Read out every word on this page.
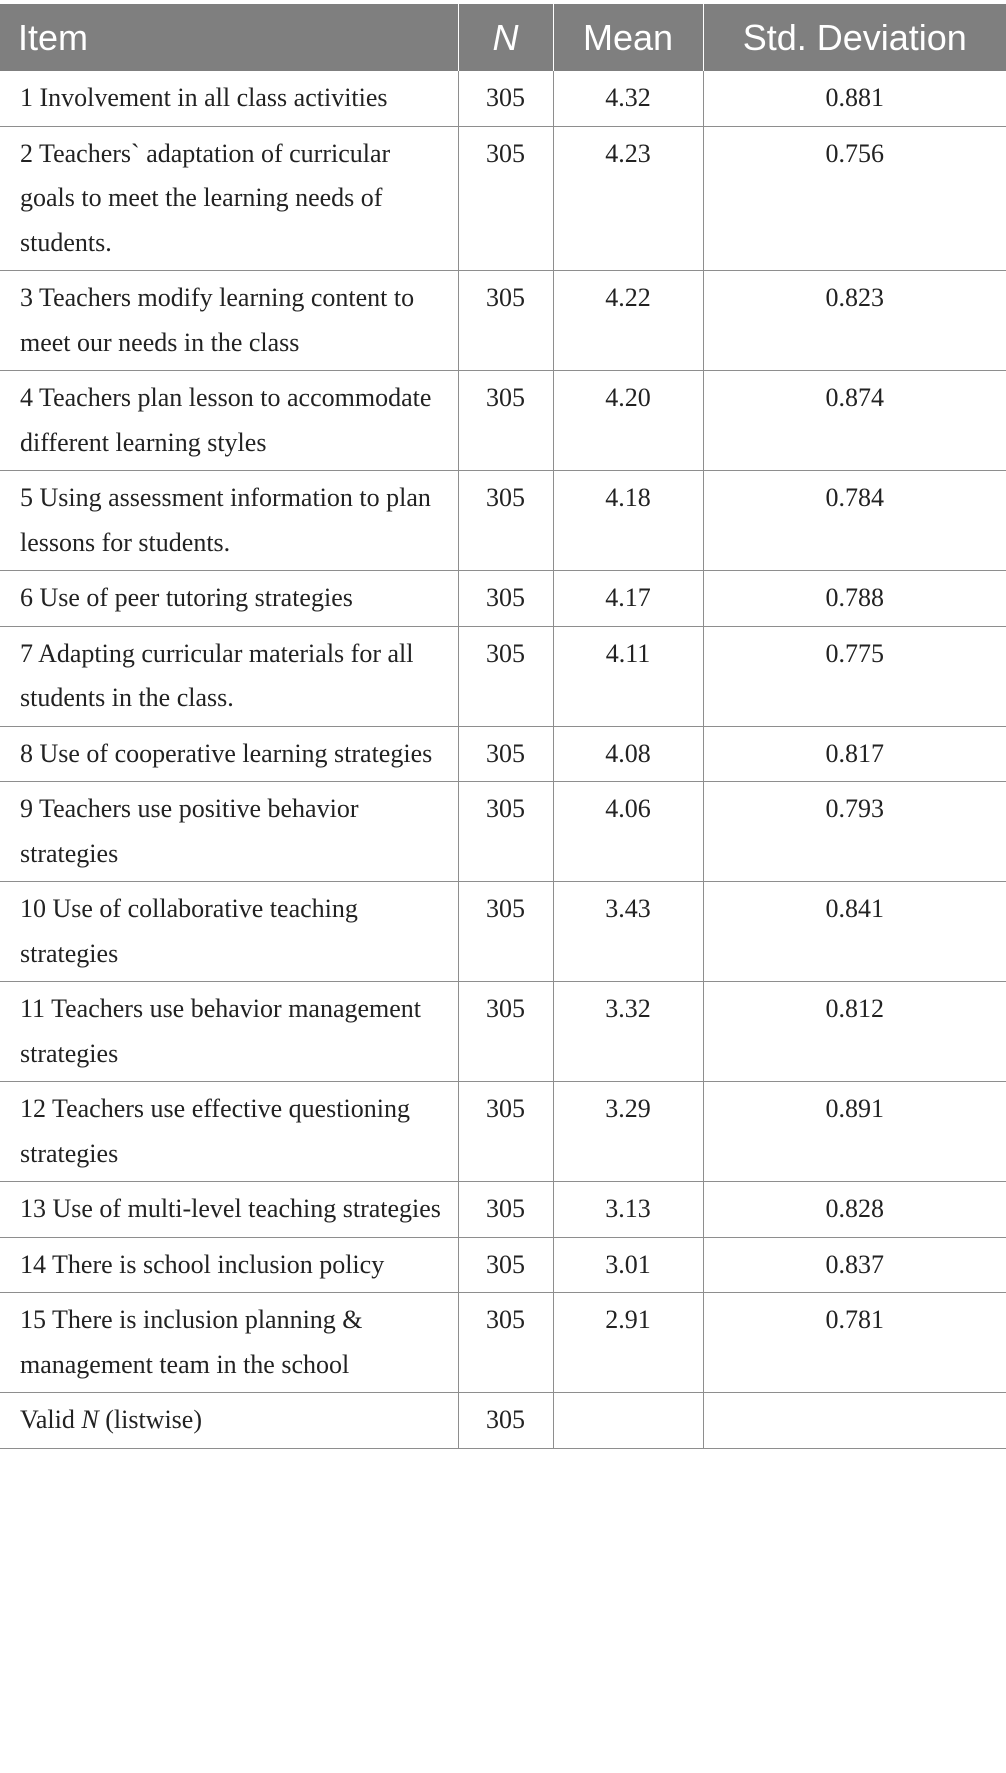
Item	N	Mean	Std. Deviation
1 Involvement in all class activities	305	4.32	0.881
2 Teachers` adaptation of curricular goals to meet the learning needs of students.	305	4.23	0.756
3 Teachers modify learning content to meet our needs in the class	305	4.22	0.823
4 Teachers plan lesson to accommodate different learning styles	305	4.20	0.874
5 Using assessment information to plan lessons for students.	305	4.18	0.784
6 Use of peer tutoring strategies	305	4.17	0.788
7 Adapting curricular materials for all students in the class.	305	4.11	0.775
8 Use of cooperative learning strategies	305	4.08	0.817
9 Teachers use positive behavior strategies	305	4.06	0.793
10 Use of collaborative teaching strategies	305	3.43	0.841
11 Teachers use behavior management strategies	305	3.32	0.812
12 Teachers use effective questioning strategies	305	3.29	0.891
13 Use of multi-level teaching strategies	305	3.13	0.828
14 There is school inclusion policy	305	3.01	0.837
15 There is inclusion planning & management team in the school	305	2.91	0.781
Valid N (listwise)	305		
